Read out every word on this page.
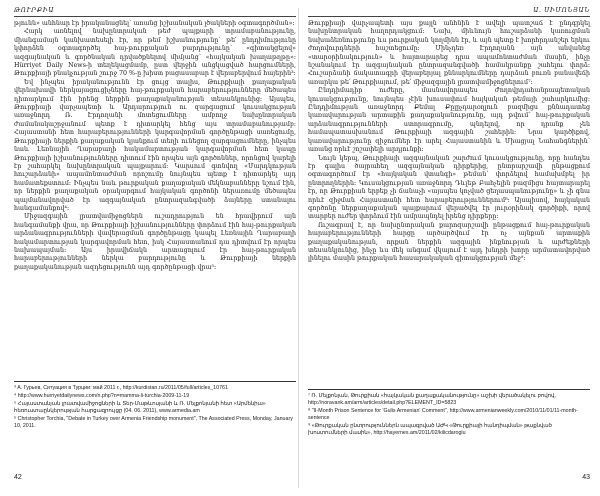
ԹՈՒՐՔԻԱ

թյունն» անհնար էր իրականացնել՝ առանց իշխանական լծակների օգտագործման»։

Հարկ առնելով նախընտրական թեժ պայքարի տրամաբանությունը, միանգամայն կանխատեսելի էր, որ թեմ իշխանությունը՝ թե՛ ընդդիմությունը կփորձեն օգտագործել հայ-թուրքական բարդությունը՝ «գիտակցելով» ազգայնական և գործնական դրվածքներով միմյանց՝ «հայկական խաղաթղթը»։ Hürriyet Daily News-ի տեղեկացմամբ, ըստ վերջին անցկացված հարցումների, Թուրքիայի բնակչության շուրջ 70 %-ը խիստ բացասաբար է վերաբերվում հայերին³։

Եվ ինչպես իրականությունն էր ցույց տալիս, Թուրքիայի քաղաքական վերնախավի ներկայացուցիչները հայ-թուրքական հարաբերությունները մեծապես դիտարկում էին իրենց ներքին քաղաքականության տեսանկյունից։ Այսպես, Թուրքիայի վարչապետի և Արդարություն ու զարգացում կուսակցության առաջնորդ Ռ. Էրդողանի մոտեցումները ամբողջ նախընտրական ժամանակաշրջանում պետք է դիտարկել հենց այս տրամաբանությամբ։ Հայաստանի հետ հարաբերությունների կարգավորման գործընթացի սառեցումը, Թուրքիայի ներքին քաղաքական կյանքում տեղի ունեցող զարգացումները, ինչպես նաև Լեռնային Ղարաբաղի հակամարտության կարգավորման հետ կապը Թուրքիայի իշխանությունները դիտում էին որպես այն գործոններ, որոնցով կարելի էր շահարկել նախընտրական պայքարում։ Կարսում գտնվող «Մարդկության հուշարձանի» ապամոնտաժման որոշումը նույնպես պետք է դիտարկել այդ համատեքստում։ Ինչպես նաև թուրքական քաղաքական մեկնաբանները նշում էին, որ ներքին քաղաքական օրակարգում հայկական գործոնի ներառումը մեծապես պայմանավորված էր ազգայնական ընտրազանգվածի ձայները ստանալու հանգամանքով⁴։

Միջազգային լրատվամիջոցներն ուշադրություն են հրավիրում այն հանգամանքի վրա, որ Թուրքիայի իշխանությունները փորձում էին հայ-թուրքական արձանագրությունների վավերացման գործընթացը կապել Լեռնային Ղարաբաղի հակամարտության կարգավորման հետ, իսկ Հայաստանում դա դիտվում էր որպես նախապայման։ Այս իրավիճակն արտացոլում էր հայ-թուրքական հարաբերությունների ներկա բարդությունը և Թուրքիայի ներքին քաղաքականության ազդեցությունն այդ գործընթացի վրա⁵։

³ А. Гурьев, Ситуация в Турции: май 2011 г., http://kurdistan.ru/2011/05/full/articles_10761

⁴ http://www.hurriyetdailynews.com/n.php?n=mamma-li-turchia-2009-11-19

⁵ Հայաստանյան լրատվամիջոցների և Տեր-Մաթևոսյանի և Ռ. Մելքոնյանի հետ «Արմենիա» հեռուստաընկերության հարցազրույցը (04. 06. 2011), www.armedia.am

⁶ Christopher Torchia, "Debate in Turkey over Armenia Friendship monument", The Associated Press, Monday, January 10, 2011.

42
Ա. ՍԻՄՈՆՅԱՆ

Թուրքիայի վարչապետի այս քայլն անհնին է ավելի պատշաճ է ընդգրկել նախընտրական հաղորդակցում։ Նախ, միևնույն հուշարձանի կառուցման նախաձեռնությունը ևս թուրքական կողմինն էր, և այն պետք է խորհրդանշեր երկու ժողովուրդների հաշտեցումը։ Մինչդեռ Էրդողանն այն անվանեց «տարօրինակություն» և հայտարարեց դրա ապամոնտաժման մասին, ինչը նշանակում էր ազգայնական ընտրազանգվածի համակրանքը շահելու փորձ։ Հուշարձանի ճակատագրի վերաբերյալ քննարկումները դարձան բուռն բանավեճի առարկա թե՛ Թուրքիայում, թե՛ միջազգային լրատվամիջոցներում⁷։

Ընդդիմադիր ուժերը, մասնավորապես Ժողովրդահանրապետական կուսակցությունը, նույնպես չէին խուսափում հայկական թեմայի շահարկումից։ Ընդդիմության առաջնորդ Քեմալ Քըլըչդարօղլուն բազմիցս քննադատեց կառավարության արտաքին քաղաքականությունը, այդ թվում՝ հայ-թուրքական արձանագրությունների ստորագրումը, պնդելով, որ դրանք չեն համապատասխանում Թուրքիայի ազգային շահերին։ Նրա կարծիքով, կառավարությունը զիջումներ էր արել Հայաստանին և Միացյալ Նահանգներին՝ առանց որևէ շոշափելի արդյունքի։

Նույն կերպ, Թուրքիայի ազգայնական շարժում կուսակցությունը, որը հանդես էր գալիս ծայրահեղ ազգայնական դիրքերից, ընտրարշավի ընթացքում օգտագործում էր «հայկական վտանգի» թեման՝ փորձելով համախմբել իր ընտրողներին։ Կուսակցության առաջնորդ Դևլեթ Բահչելին բազմիցս հայտարարել էր, որ Թուրքիան երբեք չի ճանաչի «այսպես կոչված ցեղասպանությունը» և չի գնա որևէ զիջման Հայաստանի հետ հարաբերություններում⁸։ Այսպիսով, հայկական գործոնը ներքաղաքական պայքարում վերածվել էր յուրօրինակ գործիքի, որով տարբեր ուժեր փորձում էին ամրապնդել իրենց դիրքերը։

Ուշագրավ է, որ նախընտրական քարոզարշավի ընթացքում հայ-թուրքական հարաբերությունների հարցը արծարծվում էր ոչ այնքան արտաքին քաղաքականության, որքան ներքին ազգային ինքնության և արժեքների տեսանկյունից, ինչը ևս մեկ անգամ վկայում է այդ խնդրի խորը արմատավորված լինելու մասին թուրքական հասարակական գիտակցության մեջ⁹։

⁷ Ռ. Մելքոնյան, Թուրքիան «հայկական քաղաքականությունը» աշխի վերածակելու բովով, http://noravank.am/arm/articles/detail.php?ELEMENT_ID=5823

⁸ "II-Month Prison Sentence for 'Gulis Armenian' Comment", http://www.armenianweekly.com/2010/11/01/11-month-sentence

⁹ «Թուրքական ընտրություններն ապագրված ԱԺԿ «Թուրքիայի հանդիպման» թաքնված խոստումների մասին», http://hayernes.am/2011/02/kilicdaroglu

43
